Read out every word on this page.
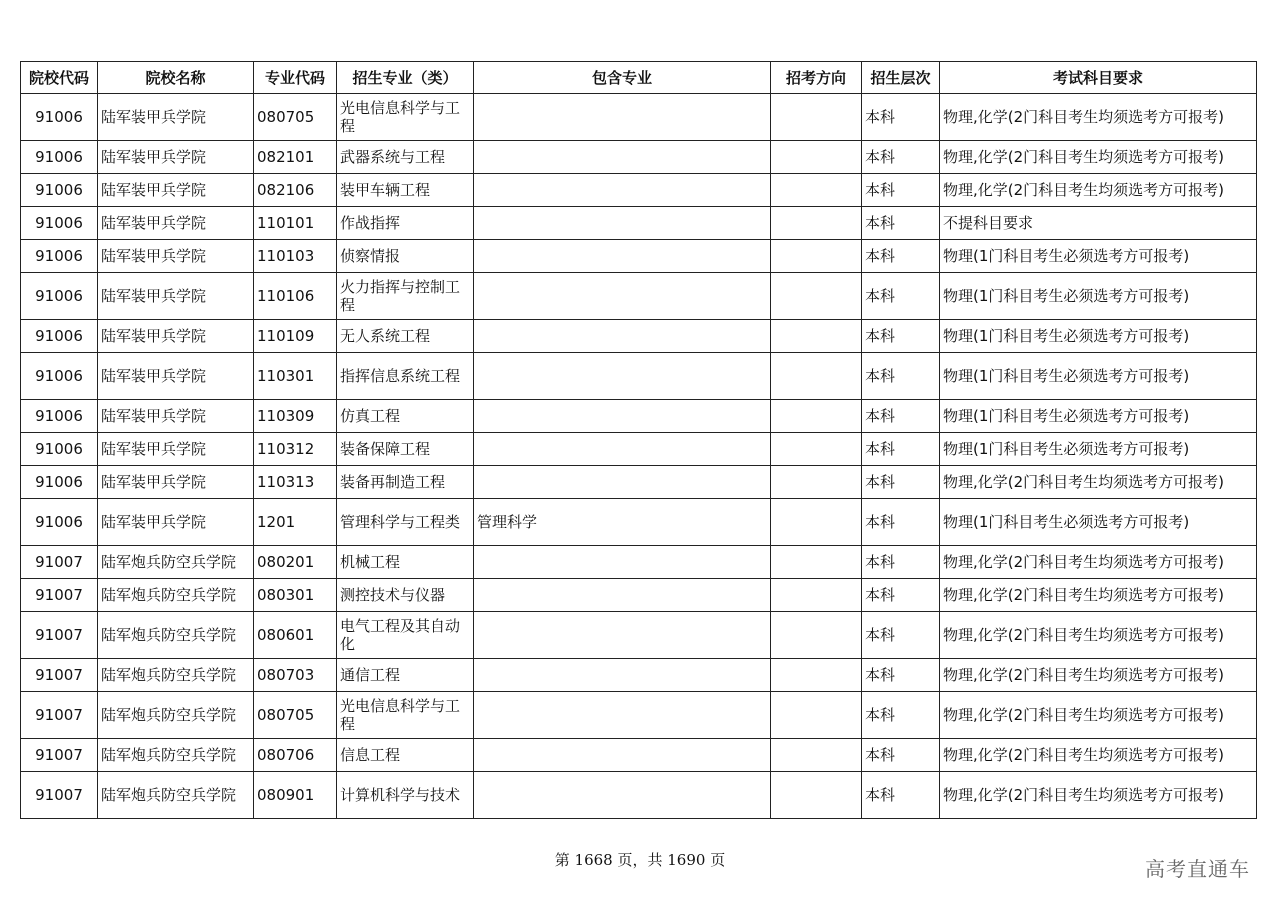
院校代码	院校名称	专业代码	招生专业（类）	包含专业	招考方向	招生层次	考试科目要求
91006	陆军装甲兵学院	080705	光电信息科学与工程			本科	物理,化学(2门科目考生均须选考方可报考)
91006	陆军装甲兵学院	082101	武器系统与工程			本科	物理,化学(2门科目考生均须选考方可报考)
91006	陆军装甲兵学院	082106	装甲车辆工程			本科	物理,化学(2门科目考生均须选考方可报考)
91006	陆军装甲兵学院	110101	作战指挥			本科	不提科目要求
91006	陆军装甲兵学院	110103	侦察情报			本科	物理(1门科目考生必须选考方可报考)
91006	陆军装甲兵学院	110106	火力指挥与控制工程			本科	物理(1门科目考生必须选考方可报考)
91006	陆军装甲兵学院	110109	无人系统工程			本科	物理(1门科目考生必须选考方可报考)
91006	陆军装甲兵学院	110301	指挥信息系统工程			本科	物理(1门科目考生必须选考方可报考)
91006	陆军装甲兵学院	110309	仿真工程			本科	物理(1门科目考生必须选考方可报考)
91006	陆军装甲兵学院	110312	装备保障工程			本科	物理(1门科目考生必须选考方可报考)
91006	陆军装甲兵学院	110313	装备再制造工程			本科	物理,化学(2门科目考生均须选考方可报考)
91006	陆军装甲兵学院	1201	管理科学与工程类	管理科学		本科	物理(1门科目考生必须选考方可报考)
91007	陆军炮兵防空兵学院	080201	机械工程			本科	物理,化学(2门科目考生均须选考方可报考)
91007	陆军炮兵防空兵学院	080301	测控技术与仪器			本科	物理,化学(2门科目考生均须选考方可报考)
91007	陆军炮兵防空兵学院	080601	电气工程及其自动化			本科	物理,化学(2门科目考生均须选考方可报考)
91007	陆军炮兵防空兵学院	080703	通信工程			本科	物理,化学(2门科目考生均须选考方可报考)
91007	陆军炮兵防空兵学院	080705	光电信息科学与工程			本科	物理,化学(2门科目考生均须选考方可报考)
91007	陆军炮兵防空兵学院	080706	信息工程			本科	物理,化学(2门科目考生均须选考方可报考)
91007	陆军炮兵防空兵学院	080901	计算机科学与技术			本科	物理,化学(2门科目考生均须选考方可报考)
第 1668 页，共 1690 页	高考直通车
